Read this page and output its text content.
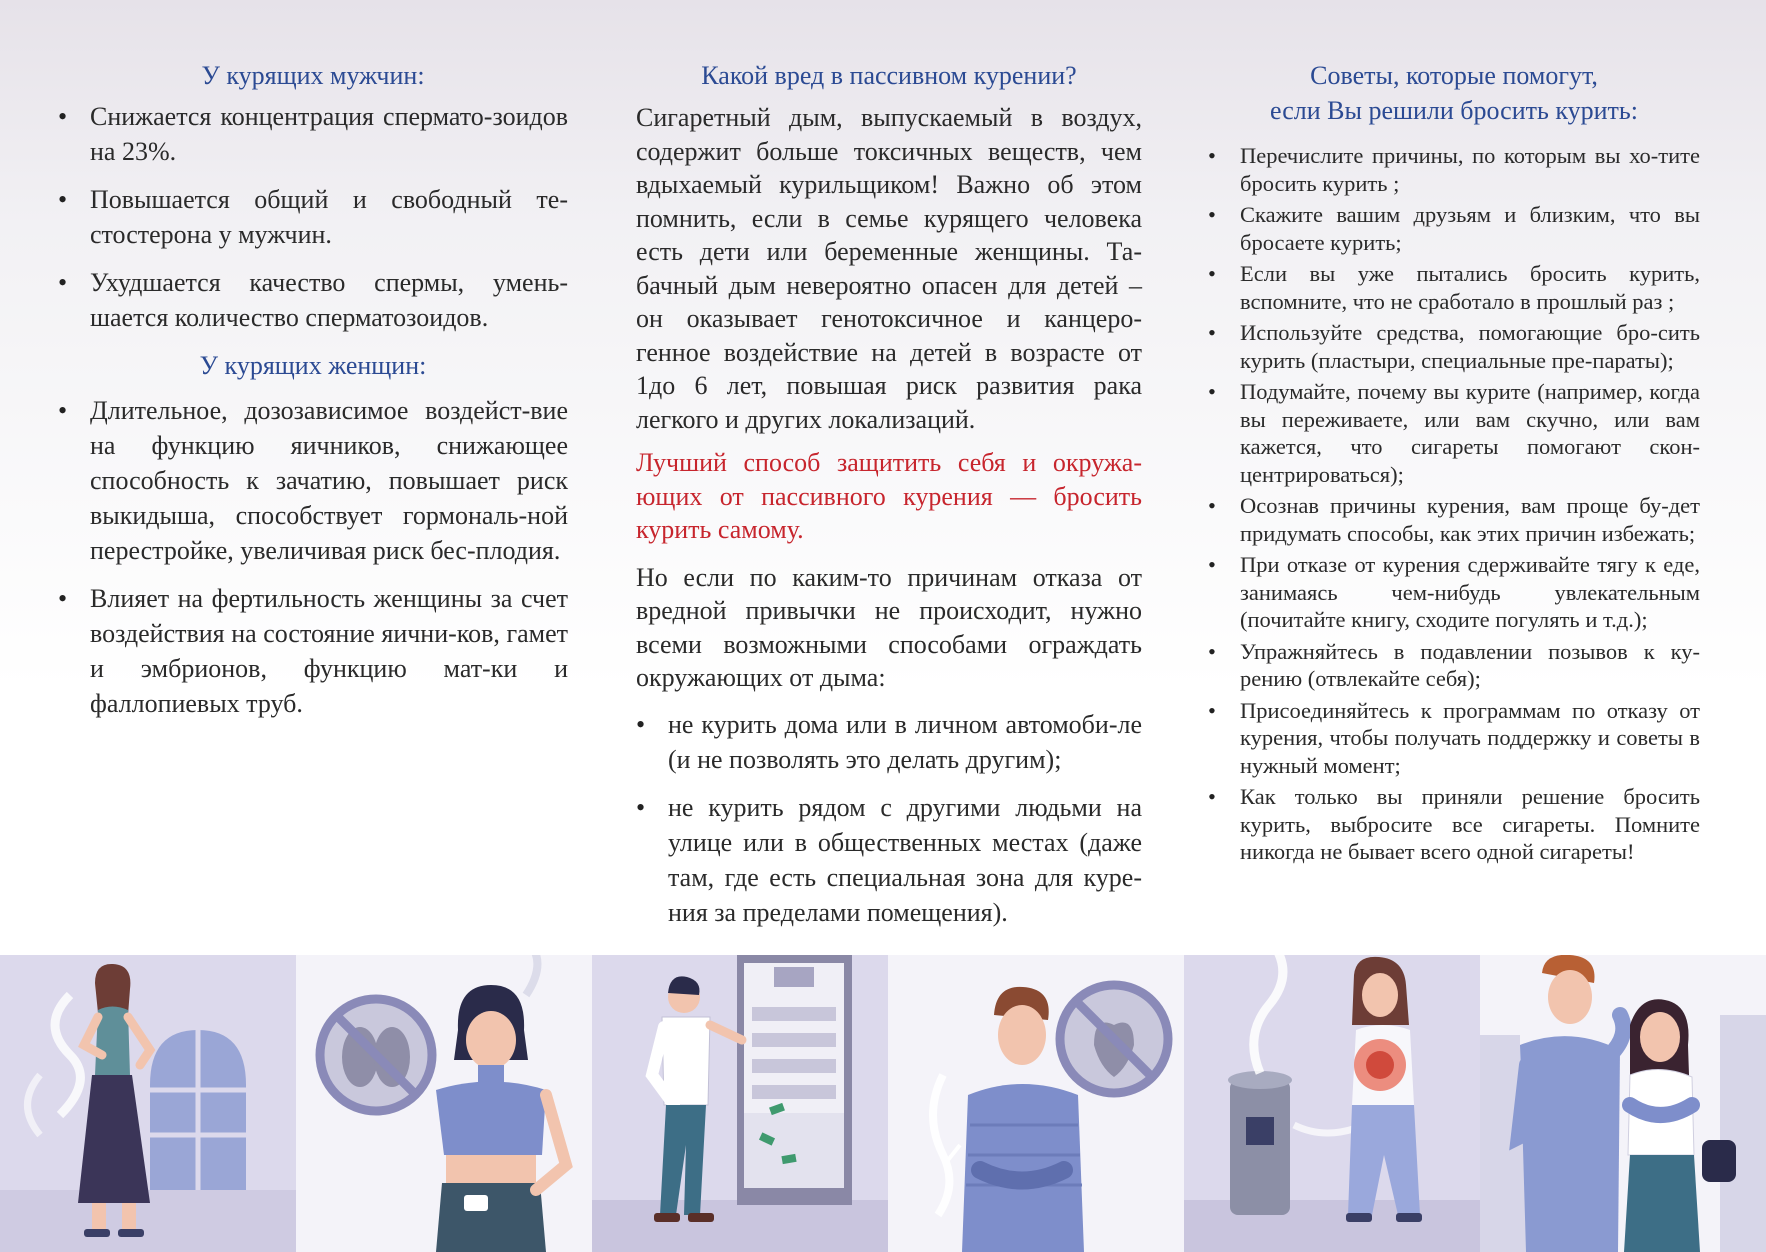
У курящих мужчин:
• Снижается концентрация спермато-зоидов на 23%.
• Повышается общий и свободный те-стостерона у мужчин.
• Ухудшается качество спермы, умень-шается количество сперматозоидов.
У курящих женщин:
• Длительное, дозозависимое воздейст-вие на функцию яичников, снижающее способность к зачатию, повышает риск выкидыша, способствует гормональ-ной перестройке, увеличивая риск бес-плодия.
• Влияет на фертильность женщины за счет воздействия на состояние яични-ков, гамет и эмбрионов, функцию мат-ки и фаллопиевых труб.
Какой вред в пассивном курении?

Сигаретный дым, выпускаемый в воздух, содержит больше токсичных веществ, чем вдыхаемый курильщиком! Важно об этом помнить, если в семье курящего человека есть дети или беременные женщины. Та-бачный дым невероятно опасен для детей – он оказывает генотоксичное и канцеро-генное воздействие на детей в возрасте от 1до 6 лет, повышая риск развития рака легкого и других локализаций.

Лучший способ защитить себя и окружа-ющих от пассивного курения — бросить курить самому.

Но если по каким-то причинам отказа от вредной привычки не происходит, нужно всеми возможными способами ограждать окружающих от дыма:

• не курить дома или в личном автомоби-ле (и не позволять это делать другим);
• не курить рядом с другими людьми на улице или в общественных местах (даже там, где есть специальная зона для куре-ния за пределами помещения).
Советы, которые помогут,
если Вы решили бросить курить:
• Перечислите причины, по которым вы хо-тите бросить курить ;
• Скажите вашим друзьям и близким, что вы бросаете курить;
• Если вы уже пытались бросить курить, вспомните, что не сработало в прошлый раз ;
• Используйте средства, помогающие бро-сить курить (пластыри, специальные пре-параты);
• Подумайте, почему вы курите (например, когда вы переживаете, или вам скучно, или вам кажется, что сигареты помогают скон-центрироваться);
• Осознав причины курения, вам проще бу-дет придумать способы, как этих причин избежать;
• При отказе от курения сдерживайте тягу к еде, занимаясь чем-нибудь увлекательным (почитайте книгу, сходите погулять и т.д.);
• Упражняйтесь в подавлении позывов к ку-рению (отвлекайте себя);
• Присоединяйтесь к программам по отказу от курения, чтобы получать поддержку и советы в нужный момент;
• Как только вы приняли решение бросить курить, выбросите все сигареты. Помните никогда не бывает всего одной сигареты!
